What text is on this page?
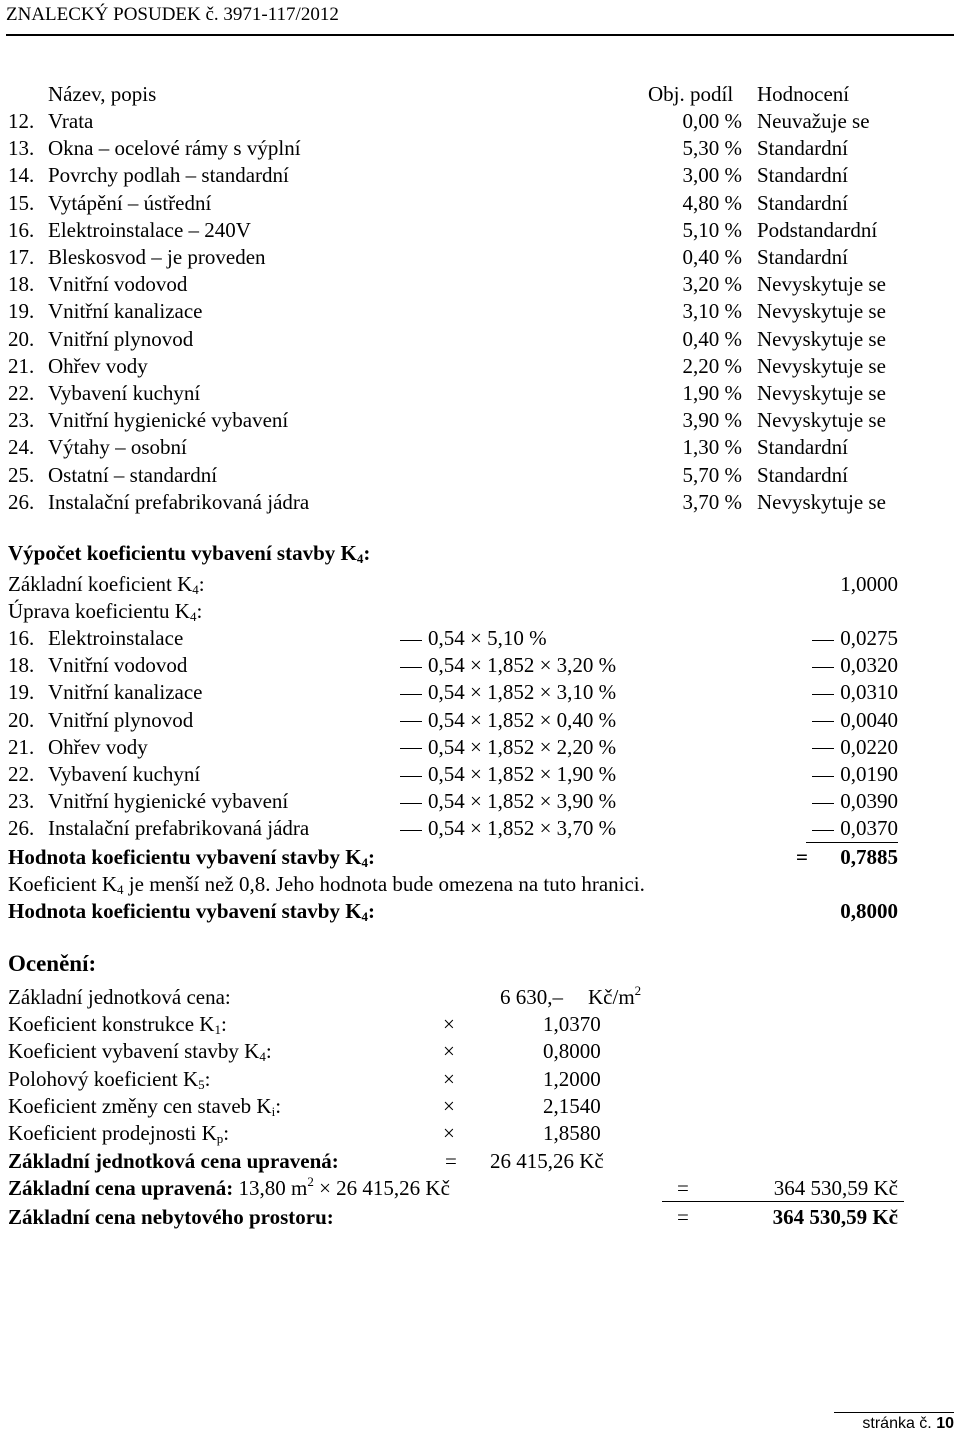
ZNALECKÝ POSUDEK č. 3971-117/2012
Název, popis	Obj. podíl Hodnocení
12. Vrata	0,00 % Neuvažuje se
13. Okna – ocelové rámy s výplní	5,30 % Standardní
14. Povrchy podlah – standardní	3,00 % Standardní
15. Vytápění – ústřední	4,80 % Standardní
16. Elektroinstalace – 240V	5,10 % Podstandardní
17. Bleskosvod – je proveden	0,40 % Standardní
18. Vnitřní vodovod	3,20 % Nevyskytuje se
19. Vnitřní kanalizace	3,10 % Nevyskytuje se
20. Vnitřní plynovod	0,40 % Nevyskytuje se
21. Ohřev vody	2,20 % Nevyskytuje se
22. Vybavení kuchyní	1,90 % Nevyskytuje se
23. Vnitřní hygienické vybavení	3,90 % Nevyskytuje se
24. Výtahy – osobní	1,30 % Standardní
25. Ostatní – standardní	5,70 % Standardní
26. Instalační prefabrikovaná jádra	3,70 % Nevyskytuje se
Výpočet koeficientu vybavení stavby $K_4$:
Základní koeficient $K_4$:	1,0000
Úprava koeficientu $K_4$:
16. Elektroinstalace	0,54 × 5,10 %	0,0275
18. Vnitřní vodovod	0,54 × 1,852 × 3,20 %	0,0320
19. Vnitřní kanalizace	0,54 × 1,852 × 3,10 %	0,0310
20. Vnitřní plynovod	0,54 × 1,852 × 0,40 %	0,0040
21. Ohřev vody	0,54 × 1,852 × 2,20 %	0,0220
22. Vybavení kuchyní	0,54 × 1,852 × 1,90 %	0,0190
23. Vnitřní hygienické vybavení	0,54 × 1,852 × 3,90 %	0,0390
26. Instalační prefabrikovaná jádra	0,54 × 1,852 × 3,70 %	0,0370
Hodnota koeficientu vybavení stavby $K_4$:	= 0,7885
Koeficient $K_4$ je menší než 0,8. Jeho hodnota bude omezena na tuto hranici.
Hodnota koeficientu vybavení stavby $K_4$:	0,8000
Ocenění:
Základní jednotková cena:	6 630,– $Kč/m^2$
Koeficient konstrukce $K_1$:	×	1,0370
Koeficient vybavení stavby $K_4$:	×	0,8000
Polohový koeficient $K_5$:	×	1,2000
Koeficient změny cen staveb $K_i$:	×	2,1540
Koeficient prodejnosti $K_p$:	×	1,8580
Základní jednotková cena upravená:	= 26 415,26 Kč
Základní cena upravená: 13,80 $m^2 \times 26$ 415,26 Kč	=	364 530,59 Kč
Základní cena nebytového prostoru:	=	364 530,59 Kč
stránka č. 10
